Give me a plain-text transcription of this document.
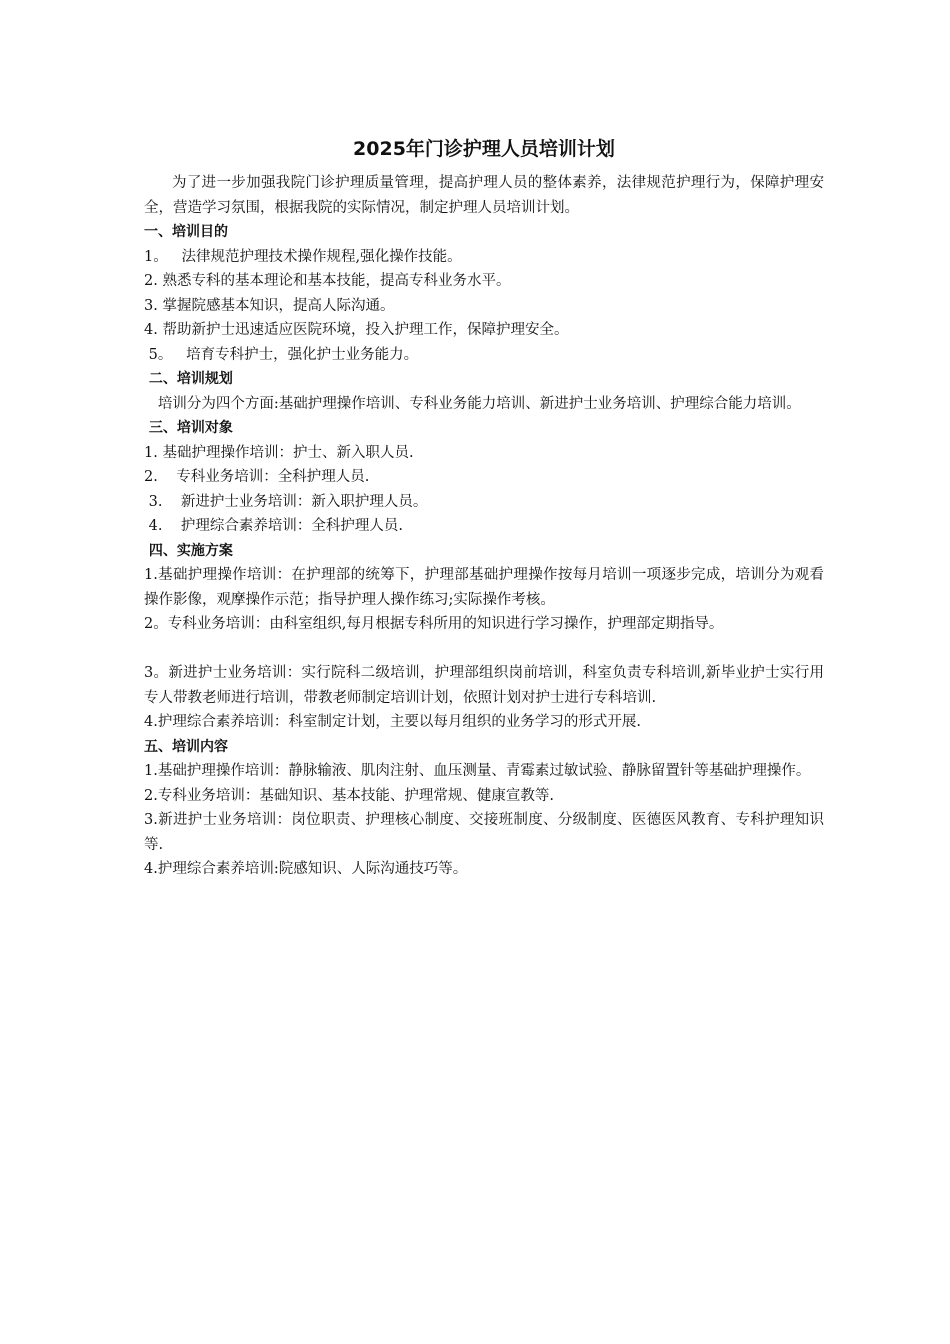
2025年门诊护理人员培训计划

为了进一步加强我院门诊护理质量管理，提高护理人员的整体素养，法律规范护理行为，保障护理安全，营造学习氛围，根据我院的实际情况，制定护理人员培训计划。

一、培训目的

1。   法律规范护理技术操作规程,强化操作技能。

2. 熟悉专科的基本理论和基本技能，提高专科业务水平。

3. 掌握院感基本知识，提高人际沟通。

4. 帮助新护士迅速适应医院环境，投入护理工作，保障护理安全。

5。   培育专科护士，强化护士业务能力。

二、培训规划

培训分为四个方面:基础护理操作培训、专科业务能力培训、新进护士业务培训、护理综合能力培训。

三、培训对象

1. 基础护理操作培训：护士、新入职人员.

2.    专科业务培训：全科护理人员.

3.    新进护士业务培训：新入职护理人员。

4.    护理综合素养培训：全科护理人员.

四、实施方案

1.基础护理操作培训：在护理部的统筹下，护理部基础护理操作按每月培训一项逐步完成，培训分为观看操作影像，观摩操作示范；指导护理人操作练习;实际操作考核。

2。专科业务培训：由科室组织,每月根据专科所用的知识进行学习操作，护理部定期指导。

3。新进护士业务培训：实行院科二级培训，护理部组织岗前培训，科室负责专科培训,新毕业护士实行用专人带教老师进行培训，带教老师制定培训计划，依照计划对护士进行专科培训.

4.护理综合素养培训：科室制定计划，主要以每月组织的业务学习的形式开展.

五、培训内容

1.基础护理操作培训：静脉输液、肌肉注射、血压测量、青霉素过敏试验、静脉留置针等基础护理操作。

2.专科业务培训：基础知识、基本技能、护理常规、健康宣教等.

3.新进护士业务培训：岗位职责、护理核心制度、交接班制度、分级制度、医德医风教育、专科护理知识等.

4.护理综合素养培训:院感知识、人际沟通技巧等。
